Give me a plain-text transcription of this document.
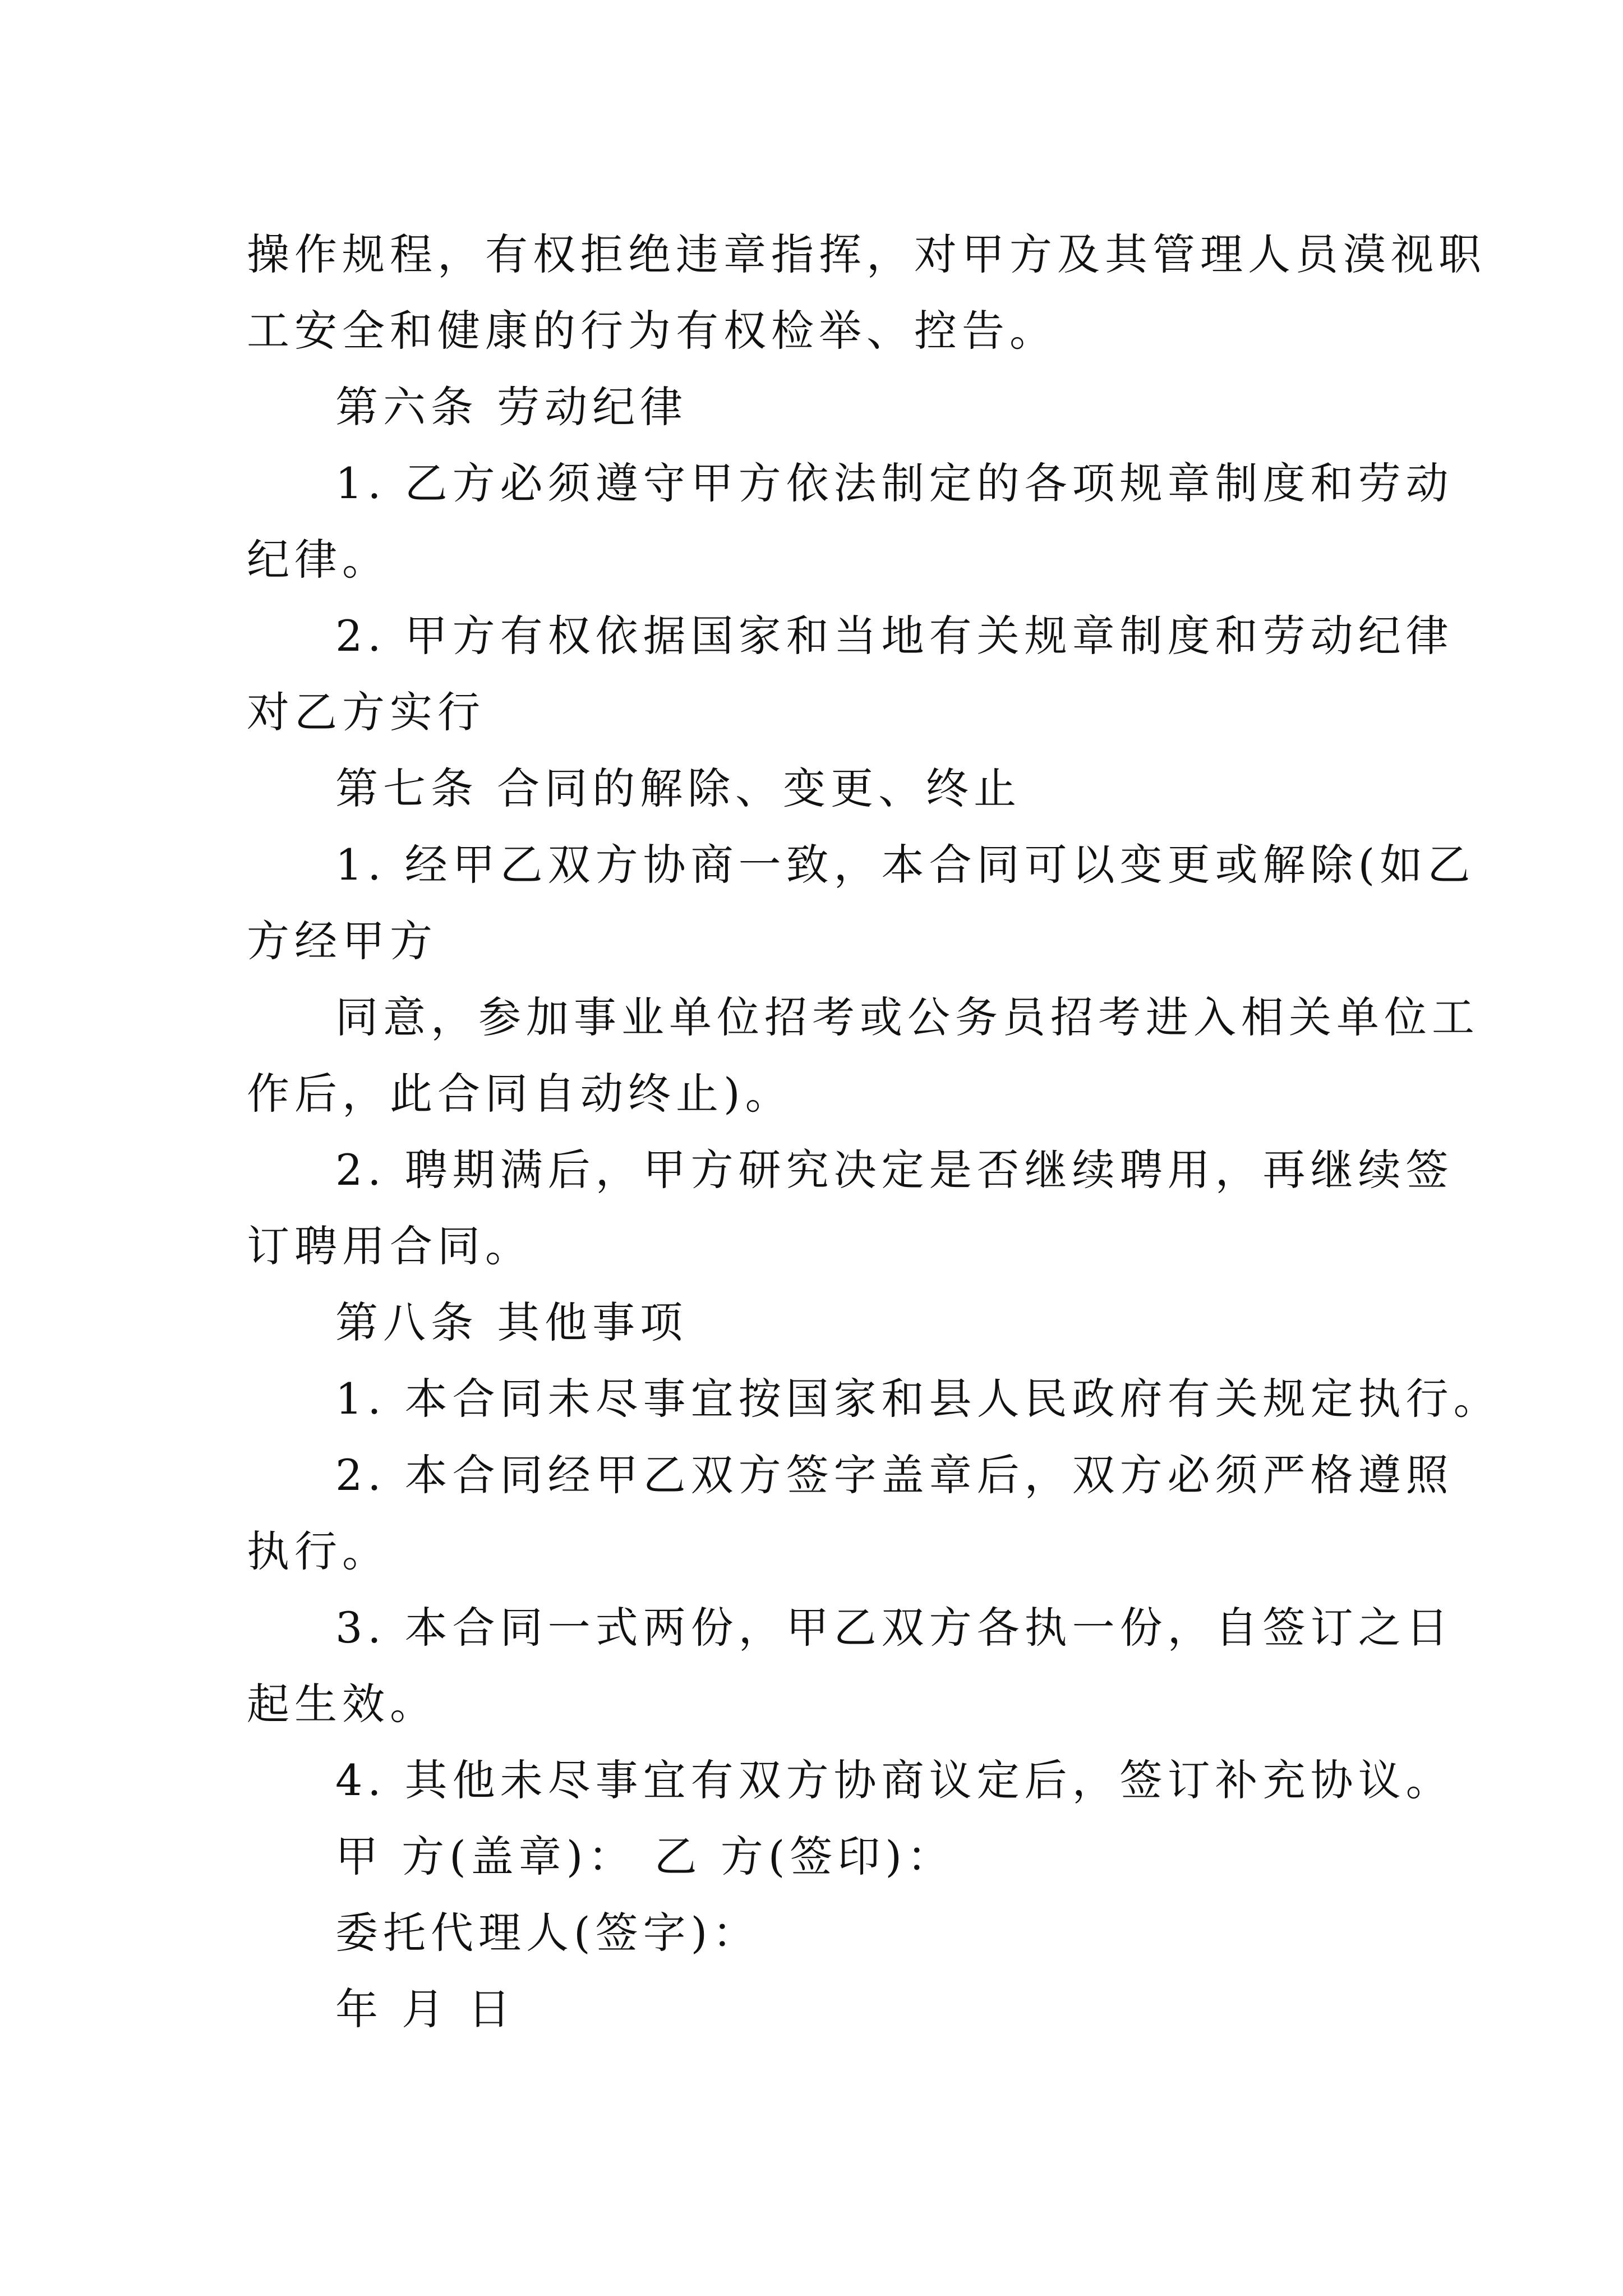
操作规程，有权拒绝违章指挥，对甲方及其管理人员漠视职
工安全和健康的行为有权检举、控告。
第六条 劳动纪律
1. 乙方必须遵守甲方依法制定的各项规章制度和劳动
纪律。
2. 甲方有权依据国家和当地有关规章制度和劳动纪律
对乙方实行
第七条 合同的解除、变更、终止
1. 经甲乙双方协商一致，本合同可以变更或解除(如乙
方经甲方
同意，参加事业单位招考或公务员招考进入相关单位工
作后，此合同自动终止)。
2. 聘期满后，甲方研究决定是否继续聘用，再继续签
订聘用合同。
第八条 其他事项
1. 本合同未尽事宜按国家和县人民政府有关规定执行。
2. 本合同经甲乙双方签字盖章后，双方必须严格遵照
执行。
3. 本合同一式两份，甲乙双方各执一份，自签订之日
起生效。
4. 其他未尽事宜有双方协商议定后，签订补充协议。
甲 方(盖章)： 乙 方(签印)：
委托代理人(签字)：
年 月 日
